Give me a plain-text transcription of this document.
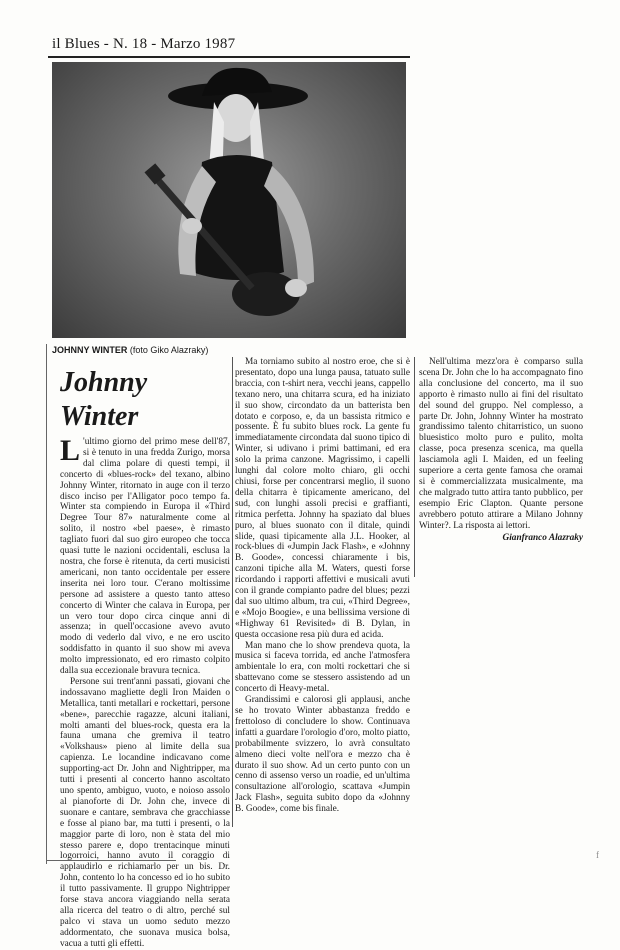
il Blues - N. 18 - Marzo 1987
JOHNNY WINTER (foto Giko Alazraky)
Johnny
Winter

L 'ultimo giorno del primo mese dell'87, si è tenuto in una fredda Zurigo, morsa dal clima polare di questi tempi, il concerto di «blues-rock» del texano, albino Johnny Winter, ritornato in auge con il terzo disco inciso per l'Alligator poco tempo fa. Winter sta compiendo in Europa il «Third Degree Tour 87» naturalmente come al solito, il nostro «bel paese», è rimasto tagliato fuori dal suo giro europeo che tocca quasi tutte le nazioni occidentali, esclusa la nostra, che forse è ritenuta, da certi musicisti americani, non tanto occidentale per essere inserita nei loro tour. C'erano moltissime persone ad assistere a questo tanto atteso concerto di Winter che calava in Europa, per un vero tour dopo circa cinque anni di assenza; in quell'occasione avevo avuto modo di vederlo dal vivo, e ne ero uscito soddisfatto in quanto il suo show mi aveva molto impressionato, ed ero rimasto colpito dalla sua eccezionale bravura tecnica.

Persone sui trent'anni passati, giovani che indossavano magliette degli Iron Maiden o Metallica, tanti metallari e rockettari, persone «bene», parecchie ragazze, alcuni italiani, molti amanti del blues-rock, questa era la fauna umana che gremiva il teatro «Volkshaus» pieno al limite della sua capienza. Le locandine indicavano come supporting-act Dr. John and Nightripper, ma tutti i presenti al concerto hanno ascoltato uno spento, ambiguo, vuoto, e noioso assolo al pianoforte di Dr. John che, invece di suonare e cantare, sembrava che gracchiasse e fosse al piano bar, ma tutti i presenti, o la maggior parte di loro, non è stata del mio stesso parere e, dopo trentacinque minuti logorroici, hanno avuto il coraggio di applaudirlo e richiamarlo per un bis. Dr. John, contento lo ha concesso ed io ho subito il tutto passivamente. Il gruppo Nightripper forse stava ancora viaggiando nella serata alla ricerca del teatro o di altro, perché sul palco vi stava un uomo seduto mezzo addormentato, che suonava musica bolsa, vacua a tutti gli effetti.

Ma torniamo subito al nostro eroe, che si è presentato, dopo una lunga pausa, tatuato sulle braccia, con t-shirt nera, vecchi jeans, cappello texano nero, una chitarra scura, ed ha iniziato il suo show, circondato da un batterista ben dotato e corposo, e, da un bassista ritmico e possente. È fu subito blues rock. La gente fu immediatamente circondata dal suono tipico di Winter, si udivano i primi battimani, ed era solo la prima canzone. Magrissimo, i capelli lunghi dal colore molto chiaro, gli occhi chiusi, forse per concentrarsi meglio, il suono della chitarra è tipicamente americano, del sud, con lunghi assoli precisi e graffianti, ritmica perfetta. Johnny ha spaziato dal blues puro, al blues suonato con il ditale, quindi slide, quasi tipicamente alla J.L. Hooker, al rock-blues di «Jumpin Jack Flash», e «Johnny B. Goode», concessi chiaramente i bis, canzoni tipiche alla M. Waters, questi forse ricordando i rapporti affettivi e musicali avuti con il grande compianto padre del blues; pezzi dal suo ultimo album, tra cui, «Third Degree», e «Mojo Boogie», e una bellissima versione di «Highway 61 Revisited» di B. Dylan, in questa occasione resa più dura ed acida.

Man mano che lo show prendeva quota, la musica si faceva torrida, ed anche l'atmosfera ambientale lo era, con molti rockettari che si sbattevano come se stessero assistendo ad un concerto di Heavy-metal.

Grandissimi e calorosi gli applausi, anche se ho trovato Winter abbastanza freddo e frettoloso di concludere lo show. Continuava infatti a guardare l'orologio d'oro, molto piatto, probabilmente svizzero, lo avrà consultato almeno dieci volte nell'ora e mezzo cha è durato il suo show. Ad un certo punto con un cenno di assenso verso un roadie, ed un'ultima consultazione all'orologio, scattava «Jumpin Jack Flash», seguita subito dopo da «Johnny B. Goode», come bis finale.

Nell'ultima mezz'ora è comparso sulla scena Dr. John che lo ha accompagnato fino alla conclusione del concerto, ma il suo apporto è rimasto nullo ai fini del risultato del sound del gruppo. Nel complesso, a parte Dr. John, Johnny Winter ha mostrato grandissimo talento chitarristico, un suono bluesistico molto puro e pulito, molta classe, poca presenza scenica, ma quella lasciamola agli I. Maiden, ed un feeling superiore a certa gente famosa che oramai si è commercializzata musicalmente, ma che malgrado tutto attira tanto pubblico, per esempio Eric Clapton. Quante persone avrebbero potuto attirare a Milano Johnny Winter?. La risposta ai lettori.

Gianfranco Alazraky
f
